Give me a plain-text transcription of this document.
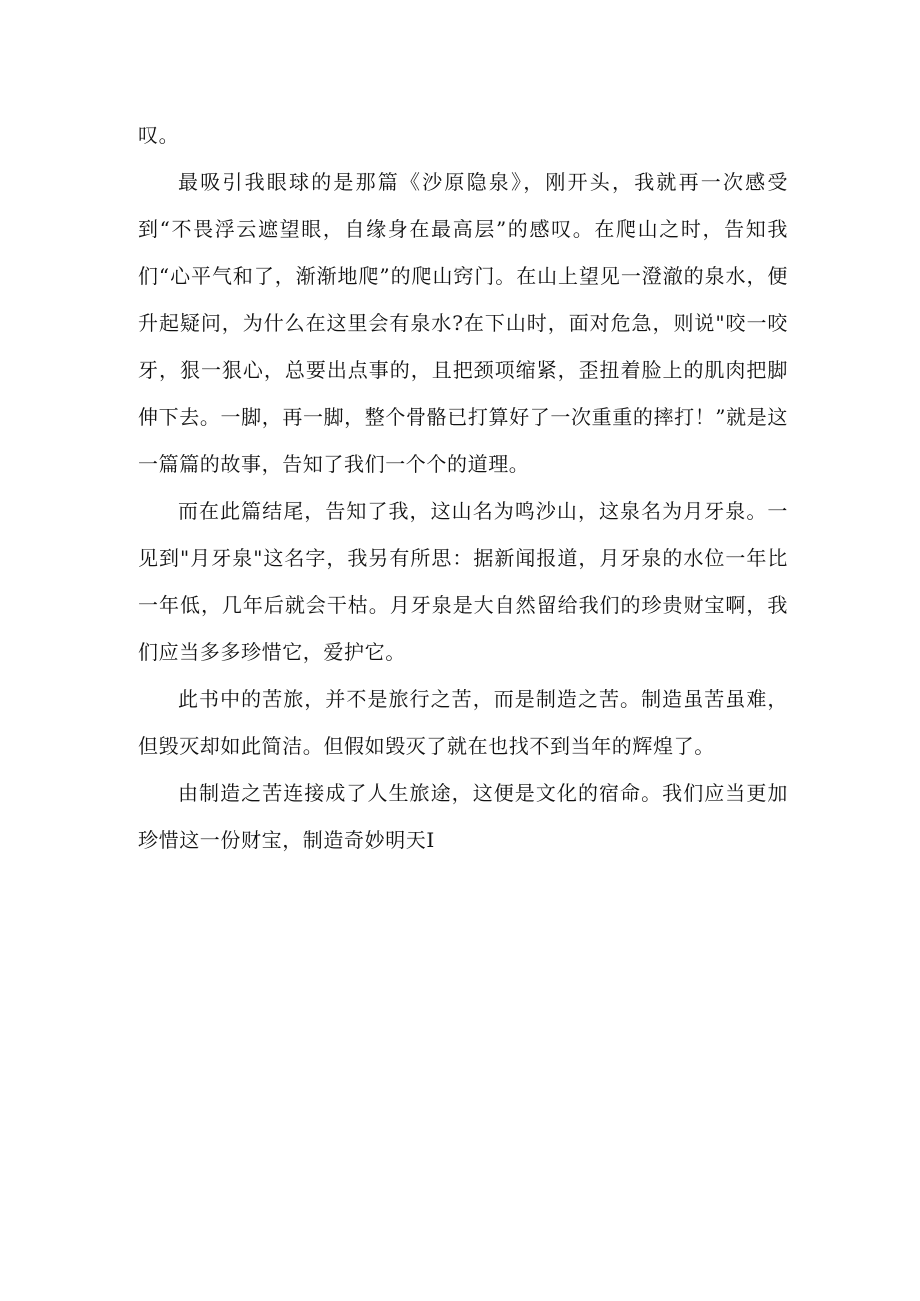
叹。

最吸引我眼球的是那篇《沙原隐泉》，刚开头，我就再一次感受到“不畏浮云遮望眼，自缘身在最高层”的感叹。在爬山之时，告知我们“心平气和了，渐渐地爬”的爬山窍门。在山上望见一澄澈的泉水，便升起疑问，为什么在这里会有泉水?在下山时，面对危急，则说"咬一咬牙，狠一狠心，总要出点事的，且把颈项缩紧，歪扭着脸上的肌肉把脚伸下去。一脚，再一脚，整个骨骼已打算好了一次重重的摔打！”就是这一篇篇的故事，告知了我们一个个的道理。

而在此篇结尾，告知了我，这山名为鸣沙山，这泉名为月牙泉。一见到"月牙泉"这名字，我另有所思：据新闻报道，月牙泉的水位一年比一年低，几年后就会干枯。月牙泉是大自然留给我们的珍贵财宝啊，我们应当多多珍惜它，爱护它。

此书中的苦旅，并不是旅行之苦，而是制造之苦。制造虽苦虽难，但毁灭却如此简洁。但假如毁灭了就在也找不到当年的辉煌了。

由制造之苦连接成了人生旅途，这便是文化的宿命。我们应当更加珍惜这一份财宝，制造奇妙明天I
